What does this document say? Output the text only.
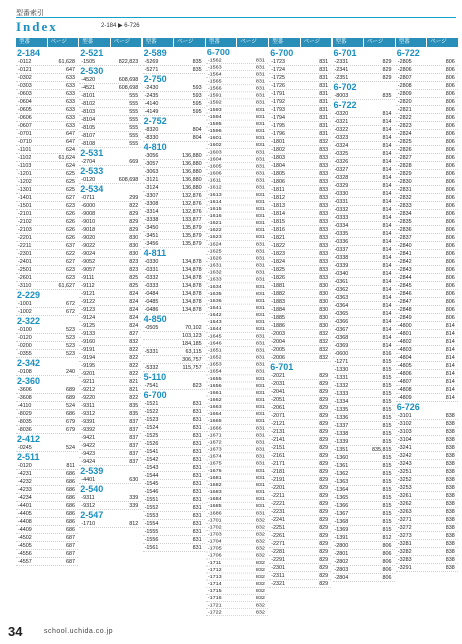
型番索引
Index	2-184 ▶ 6-726
型番	ページ
2-184
-0112	61,628
-0121	647
-0302	633
-0303	633
-0603	633
-0604	633
-0605	633
-0606	633
-0607	633
-0701	647
-0710	647
-1101	624
-1102	61,624
-1103	624
-1201	625
-1202	625
-1301	625
-1401	627
-1501	623
-2101	626
-2102	626
-2103	626
-2201	626
-2211	637
-2301	622
-2401	627
-2501	623
-2601	623
-3110	61,627
2-229
-1001	672
-1002	672
2-322
-0100	523
-0120	523
-0200	523
-0355	523
2-342
-0108	240
2-360
-3606	689
-3608	689
-4110	524
-8029	686
-8035	679
-8036	679
2-412
-0245	524
2-511
-0120	811
-4231	686
-4232	686
-4233	686
-4234	686
-4401	686
-4405	686
-4408	686
-4409	686
-4502	687
-4505	687
-4556	687
-4557	687
型番	ページ
2-521
-1505	822,823
2-530
-4520	608,698
-4521	608,698
-8101	555
-8102	555
-8103	555
-8104	555
-8105	555
-8107	555
-8108	555
2-531
-2704	669
2-533
-0120	608,698
2-534
-0711	299
-6000	822
-9008	829
-9010	829
-9018	829
-9020	830
-9022	830
-9024	830
-9052	823
-9057	823
-9111	825
-9112	825
-9121	824
-9122	824
-9123	824
-9124	824
-9125	824
-9133	827
-9160	832
-9191	822
-9194	822
-9195	822
-9201	822
-9211	821
-9212	821
-9220	822
-9311	835
-9312	835
-9391	837
-9392	837
-9421	837
-9422	837
-9423	837
-9424	837
2-539
-4401	630
2-540
-9311	339
-9312	339
2-547
-1710	812
型番	ページ
2-589
-5269	835
-5271	835
2-750
-2430	593
-2435	593
-4140	595
-4149	595
2-752
-8320	804
-8330	804
4-810
-3056	136,880
-3057	136,880
-3063	136,880
-3121	136,880
-3124	136,880
-3307	132,876
-3308	132,876
-3314	132,876
-3338	133,877
-3450	135,879
-3451	135,879
-3456	135,879
4-811
-0330	134,878
-0331	134,878
-0332	134,878
-0333	134,878
-0484	134,878
-0485	134,878
-0486	134,878
4-850
-0505	70,102
103,123
184,185
-5331	63,115
306,757
-5332	115,757
5-110
-7541	823
6-700
-1521	831
-1522	831
-1523	831
-1524	831
-1525	831
-1526	831
-1541	831
-1542	831
-1543	831
-1544	831
-1545	831
-1546	831
-1551	831
-1552	831
-1553	831
-1554	831
-1555	831
-1556	831
-1561	831
型番	ページ
6-700
-1562	831
-1563	831
-1564	831
-1565	831
-1566	831
-1591	831
-1592	831
-1593	831
-1594	831
-1595	831
-1596	831
-1601	831
-1602	831
-1603	831
-1604	831
-1605	831
-1606	831
-1611	831
-1612	831
-1613	831
-1614	831
-1615	831
-1616	831
-1621	831
-1622	831
-1623	831
-1624	831
-1625	831
-1626	831
-1631	831
-1632	831
-1633	831
-1634	831
-1635	831
-1636	831
-1641	831
-1642	831
-1643	831
-1644	831
-1645	831
-1646	831
-1651	831
-1652	831
-1653	831
-1654	831
-1655	831
-1656	831
-1661	831
-1662	831
-1663	831
-1664	831
-1665	831
-1666	831
-1671	831
-1672	831
-1673	831
-1674	831
-1675	831
-1676	831
-1681	831
-1682	831
-1683	831
-1684	831
-1685	831
-1686	831
-1701	832
-1702	832
-1703	832
-1704	832
-1705	832
-1706	832
-1711	832
-1712	832
-1713	832
-1714	832
-1715	832
-1716	832
-1721	832
-1722	832
型番	ページ
6-700
-1723	831
-1724	831
-1725	831
-1726	831
-1791	831
-1792	831
-1793	831
-1794	831
-1795	831
-1796	831
-1801	832
-1802	833
-1803	833
-1804	833
-1805	833
-1806	833
-1811	833
-1812	833
-1813	833
-1814	833
-1815	833
-1816	833
-1821	833
-1822	833
-1823	833
-1824	833
-1825	833
-1826	833
-1881	830
-1882	830
-1883	830
-1884	830
-1885	830
-1886	830
-2003	832
-2004	832
-2005	832
-2006	832
6-701
-2021	829
-2031	829
-2041	829
-2051	829
-2061	829
-2071	829
-2121	829
-2131	829
-2141	829
-2151	829
-2161	829
-2171	829
-2181	829
-2191	829
-2201	829
-2211	829
-2221	829
-2231	829
-2241	829
-2251	829
-2261	829
-2271	829
-2281	829
-2291	829
-2301	829
-2311	829
-2321	829
型番	ページ
6-701
-2331	829
-2341	829
-2351	829
6-702
-8003	835
6-722
-0320	814
-0321	814
-0322	814
-0323	814
-0324	814
-0325	814
-0326	814
-0327	814
-0328	814
-0329	814
-0330	814
-0331	814
-0332	814
-0333	814
-0334	814
-0335	814
-0336	814
-0337	814
-0338	814
-0339	814
-0340	814
-0361	814
-0362	814
-0363	814
-0364	814
-0365	814
-0366	814
-0367	814
-0368	814
-0369	814
-0600	816
-1271	815
-1330	815
-1331	815
-1332	815
-1333	815
-1334	815
-1335	815
-1336	815
-1337	815
-1338	815
-1339	815
-1351	835,815
-1360	815
-1361	815
-1362	815
-1363	815
-1364	815
-1365	815
-1366	815
-1367	815
-1368	815
-1369	815
-1391	812
-2800	806
-2801	806
-2802	806
-2803	806
-2804	806
型番	ページ
6-722
-2805	806
-2806	806
-2807	806
-2808	806
-2809	806
-2820	806
-2821	806
-2822	806
-2823	806
-2824	806
-2825	806
-2826	806
-2827	806
-2828	806
-2829	806
-2830	806
-2831	806
-2832	806
-2833	806
-2834	806
-2835	806
-2836	806
-2837	806
-2840	806
-2841	806
-2842	806
-2843	806
-2844	806
-2845	806
-2846	806
-2847	806
-2848	806
-2849	806
-4800	814
-4801	814
-4802	814
-4803	814
-4804	814
-4805	814
-4806	814
-4807	814
-4808	814
-4809	814
6-726
-3101	838
-3102	838
-3103	838
-3104	838
-3241	838
-3242	838
-3243	838
-3251	838
-3252	838
-3253	838
-3261	838
-3262	838
-3263	838
-3271	838
-3272	838
-3273	838
-3281	838
-3282	838
-3283	838
-3291	838
34	school.uchida.co.jp
